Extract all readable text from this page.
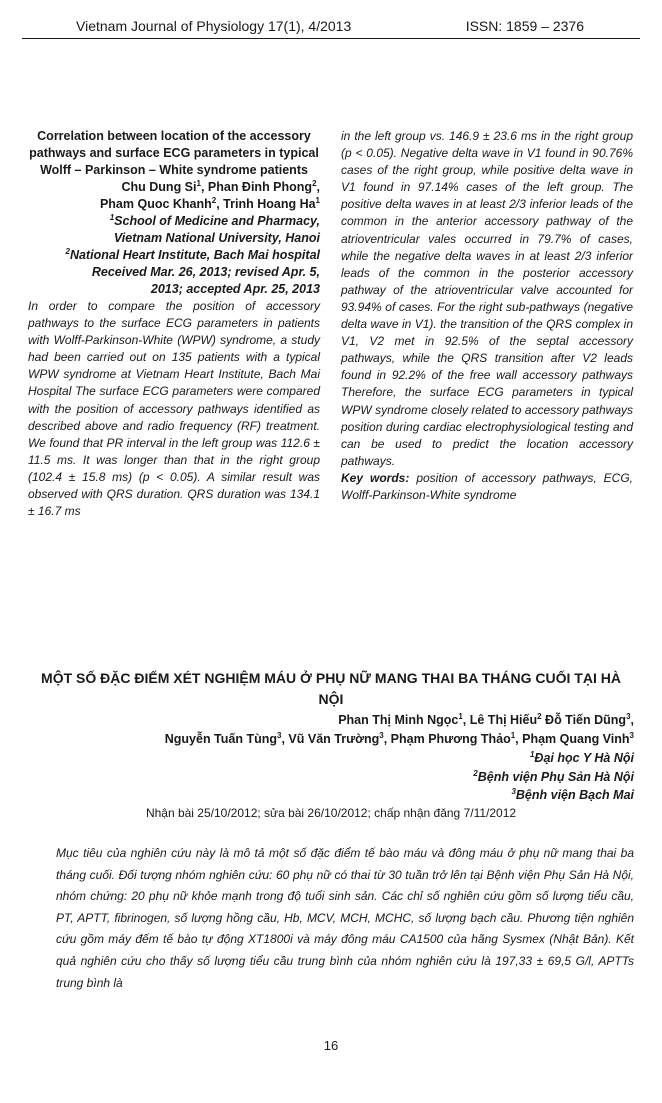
Vietnam Journal of Physiology 17(1), 4/2013	ISSN: 1859 – 2376

Correlation between location of the accessory pathways and surface ECG parameters in typical Wolff – Parkinson – White syndrome patients

Chu Dung Si$^1$, Phan Đinh Phong$^2$,

Pham Quoc Khanh$^2$, Trinh Hoang Ha$^1$

$^1$School of Medicine and Pharmacy,
Vietnam National University, Hanoi

$^2$National Heart Institute, Bach Mai hospital

Received Mar. 26, 2013; revised Apr. 5,
2013; accepted Apr. 25, 2013

In order to compare the position of accessory pathways to the surface ECG parameters in patients with Wolff-Parkinson-White (WPW) syndrome, a study had been carried out on 135 patients with a typical WPW syndrome at Vietnam Heart Institute, Bach Mai Hospital The surface ECG parameters were compared with the position of accessory pathways identified as described above and radio frequency (RF) treatment. We found that PR interval in the left group was 112.6 ± 11.5 ms. It was longer than that in the right group (102.4 ± 15.8 ms) (p < 0.05). A similar result was observed with QRS duration. QRS duration was 134.1 ± 16.7 ms

in the left group vs. 146.9 ± 23.6 ms in the right group (p < 0.05). Negative delta wave in V1 found in 90.76% cases of the right group, while positive delta wave in V1 found in 97.14% cases of the left group. The positive delta waves in at least 2/3 inferior leads of the common in the anterior accessory pathway of the atrioventricular vales occurred in 79.7% of cases, while the negative delta waves in at least 2/3 inferior leads of the common in the posterior accessory pathway of the atrioventricular valve accounted for 93.94% of cases. For the right sub-pathways (negative delta wave in V1). the transition of the QRS complex in V1, V2 met in 92.5% of the septal accessory pathways, while the QRS transition after V2 leads found in 92.2% of the free wall accessory pathways Therefore, the surface ECG parameters in typical WPW syndrome closely related to accessory pathways position during cardiac electrophysiological testing and can be used to predict the location accessory pathways.

Key words: position of accessory pathways, ECG, Wolff-Parkinson-White syndrome

MỘT SỐ ĐẶC ĐIỂM XÉT NGHIỆM MÁU Ở PHỤ NỮ MANG THAI BA THÁNG CUỐI TẠI HÀ NỘI

Phan Thị Minh Ngọc$^1$, Lê Thị Hiếu$^2$ Đỗ Tiến Dũng$^3$,

Nguyễn Tuấn Tùng$^3$, Vũ Văn Trường$^3$, Phạm Phương Thảo$^1$, Phạm Quang Vinh$^3$

$^1$Đại học Y Hà Nội

$^2$Bệnh viện Phụ Sản Hà Nội

$^3$Bệnh viện Bạch Mai

Nhận bài 25/10/2012; sửa bài 26/10/2012; chấp nhận đăng 7/11/2012

Mục tiêu của nghiên cứu này là mô tả một số đặc điểm tế bào máu và đông máu ở phụ nữ mang thai ba tháng cuối. Đối tượng nhóm nghiên cứu: 60 phụ nữ có thai từ 30 tuần trở lên tại Bệnh viện Phụ Sản Hà Nội, nhóm chứng: 20 phụ nữ khỏe mạnh trong độ tuổi sinh sản. Các chỉ số nghiên cứu gồm số lượng tiểu cầu, PT, APTT, fibrinogen, số lượng hồng cầu, Hb, MCV, MCH, MCHC, số lượng bạch cầu. Phương tiện nghiên cứu gồm máy đếm tế bào tự động XT1800i và máy đông máu CA1500 của hãng Sysmex (Nhật Bản). Kết quả nghiên cứu cho thấy số lượng tiểu cầu trung bình của nhóm nghiên cứu là 197,33 ± 69,5 G/l, APTTs trung bình là

16
